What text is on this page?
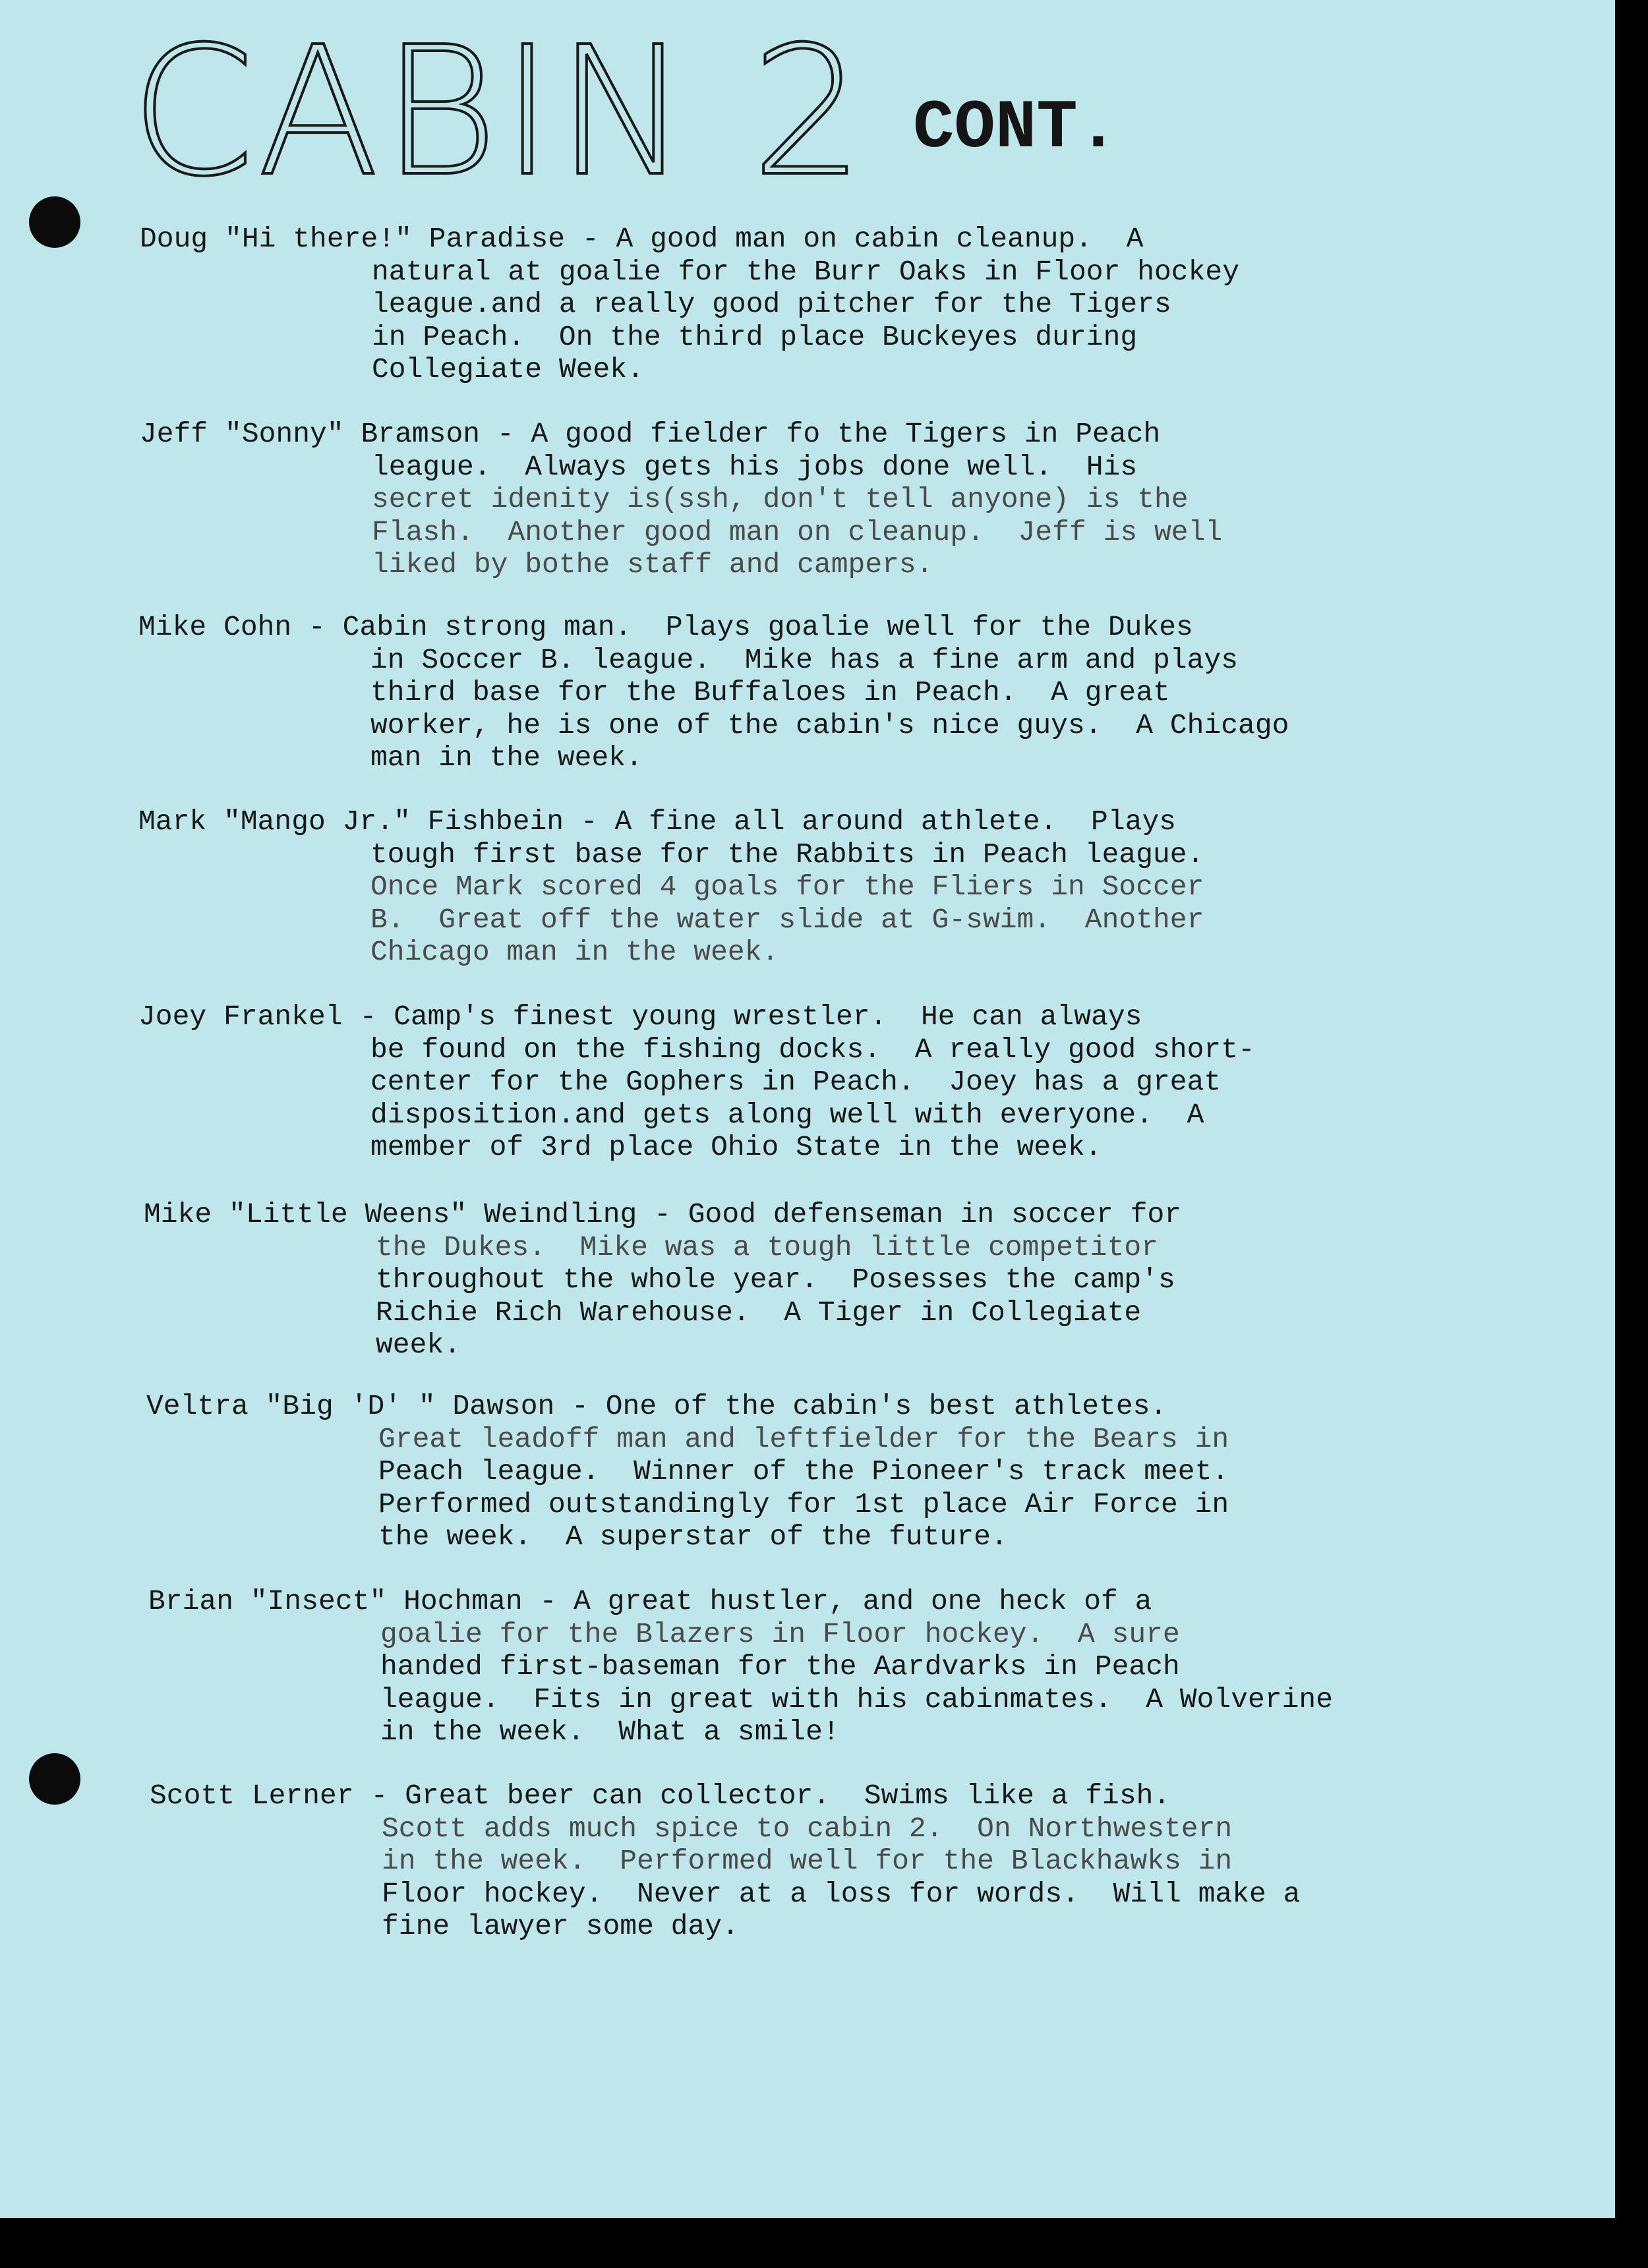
CABIN 2 CONT.
Doug "Hi there!" Paradise - A good man on cabin cleanup.  A
natural at goalie for the Burr Oaks in Floor hockey
league.and a really good pitcher for the Tigers
in Peach.  On the third place Buckeyes during
Collegiate Week.
Jeff "Sonny" Bramson - A good fielder fo the Tigers in Peach
league.  Always gets his jobs done well.  His
secret idenity is(ssh, don't tell anyone) is the
Flash.  Another good man on cleanup.  Jeff is well
liked by bothe staff and campers.
Mike Cohn - Cabin strong man.  Plays goalie well for the Dukes
in Soccer B. league.  Mike has a fine arm and plays
third base for the Buffaloes in Peach.  A great
worker, he is one of the cabin's nice guys.  A Chicago
man in the week.
Mark "Mango Jr." Fishbein - A fine all around athlete.  Plays
tough first base for the Rabbits in Peach league.
Once Mark scored 4 goals for the Fliers in Soccer
B.  Great off the water slide at G-swim.  Another
Chicago man in the week.
Joey Frankel - Camp's finest young wrestler.  He can always
be found on the fishing docks.  A really good short-
center for the Gophers in Peach.  Joey has a great
disposition.and gets along well with everyone.  A
member of 3rd place Ohio State in the week.
Mike "Little Weens" Weindling - Good defenseman in soccer for
the Dukes.  Mike was a tough little competitor
throughout the whole year.  Posesses the camp's
Richie Rich Warehouse.  A Tiger in Collegiate
week.
Veltra "Big 'D' " Dawson - One of the cabin's best athletes.
Great leadoff man and leftfielder for the Bears in
Peach league.  Winner of the Pioneer's track meet.
Performed outstandingly for 1st place Air Force in
the week.  A superstar of the future.
Brian "Insect" Hochman - A great hustler, and one heck of a
goalie for the Blazers in Floor hockey.  A sure
handed first-baseman for the Aardvarks in Peach
league.  Fits in great with his cabinmates.  A Wolverine
in the week.  What a smile!
Scott Lerner - Great beer can collector.  Swims like a fish.
Scott adds much spice to cabin 2.  On Northwestern
in the week.  Performed well for the Blackhawks in
Floor hockey.  Never at a loss for words.  Will make a
fine lawyer some day.
